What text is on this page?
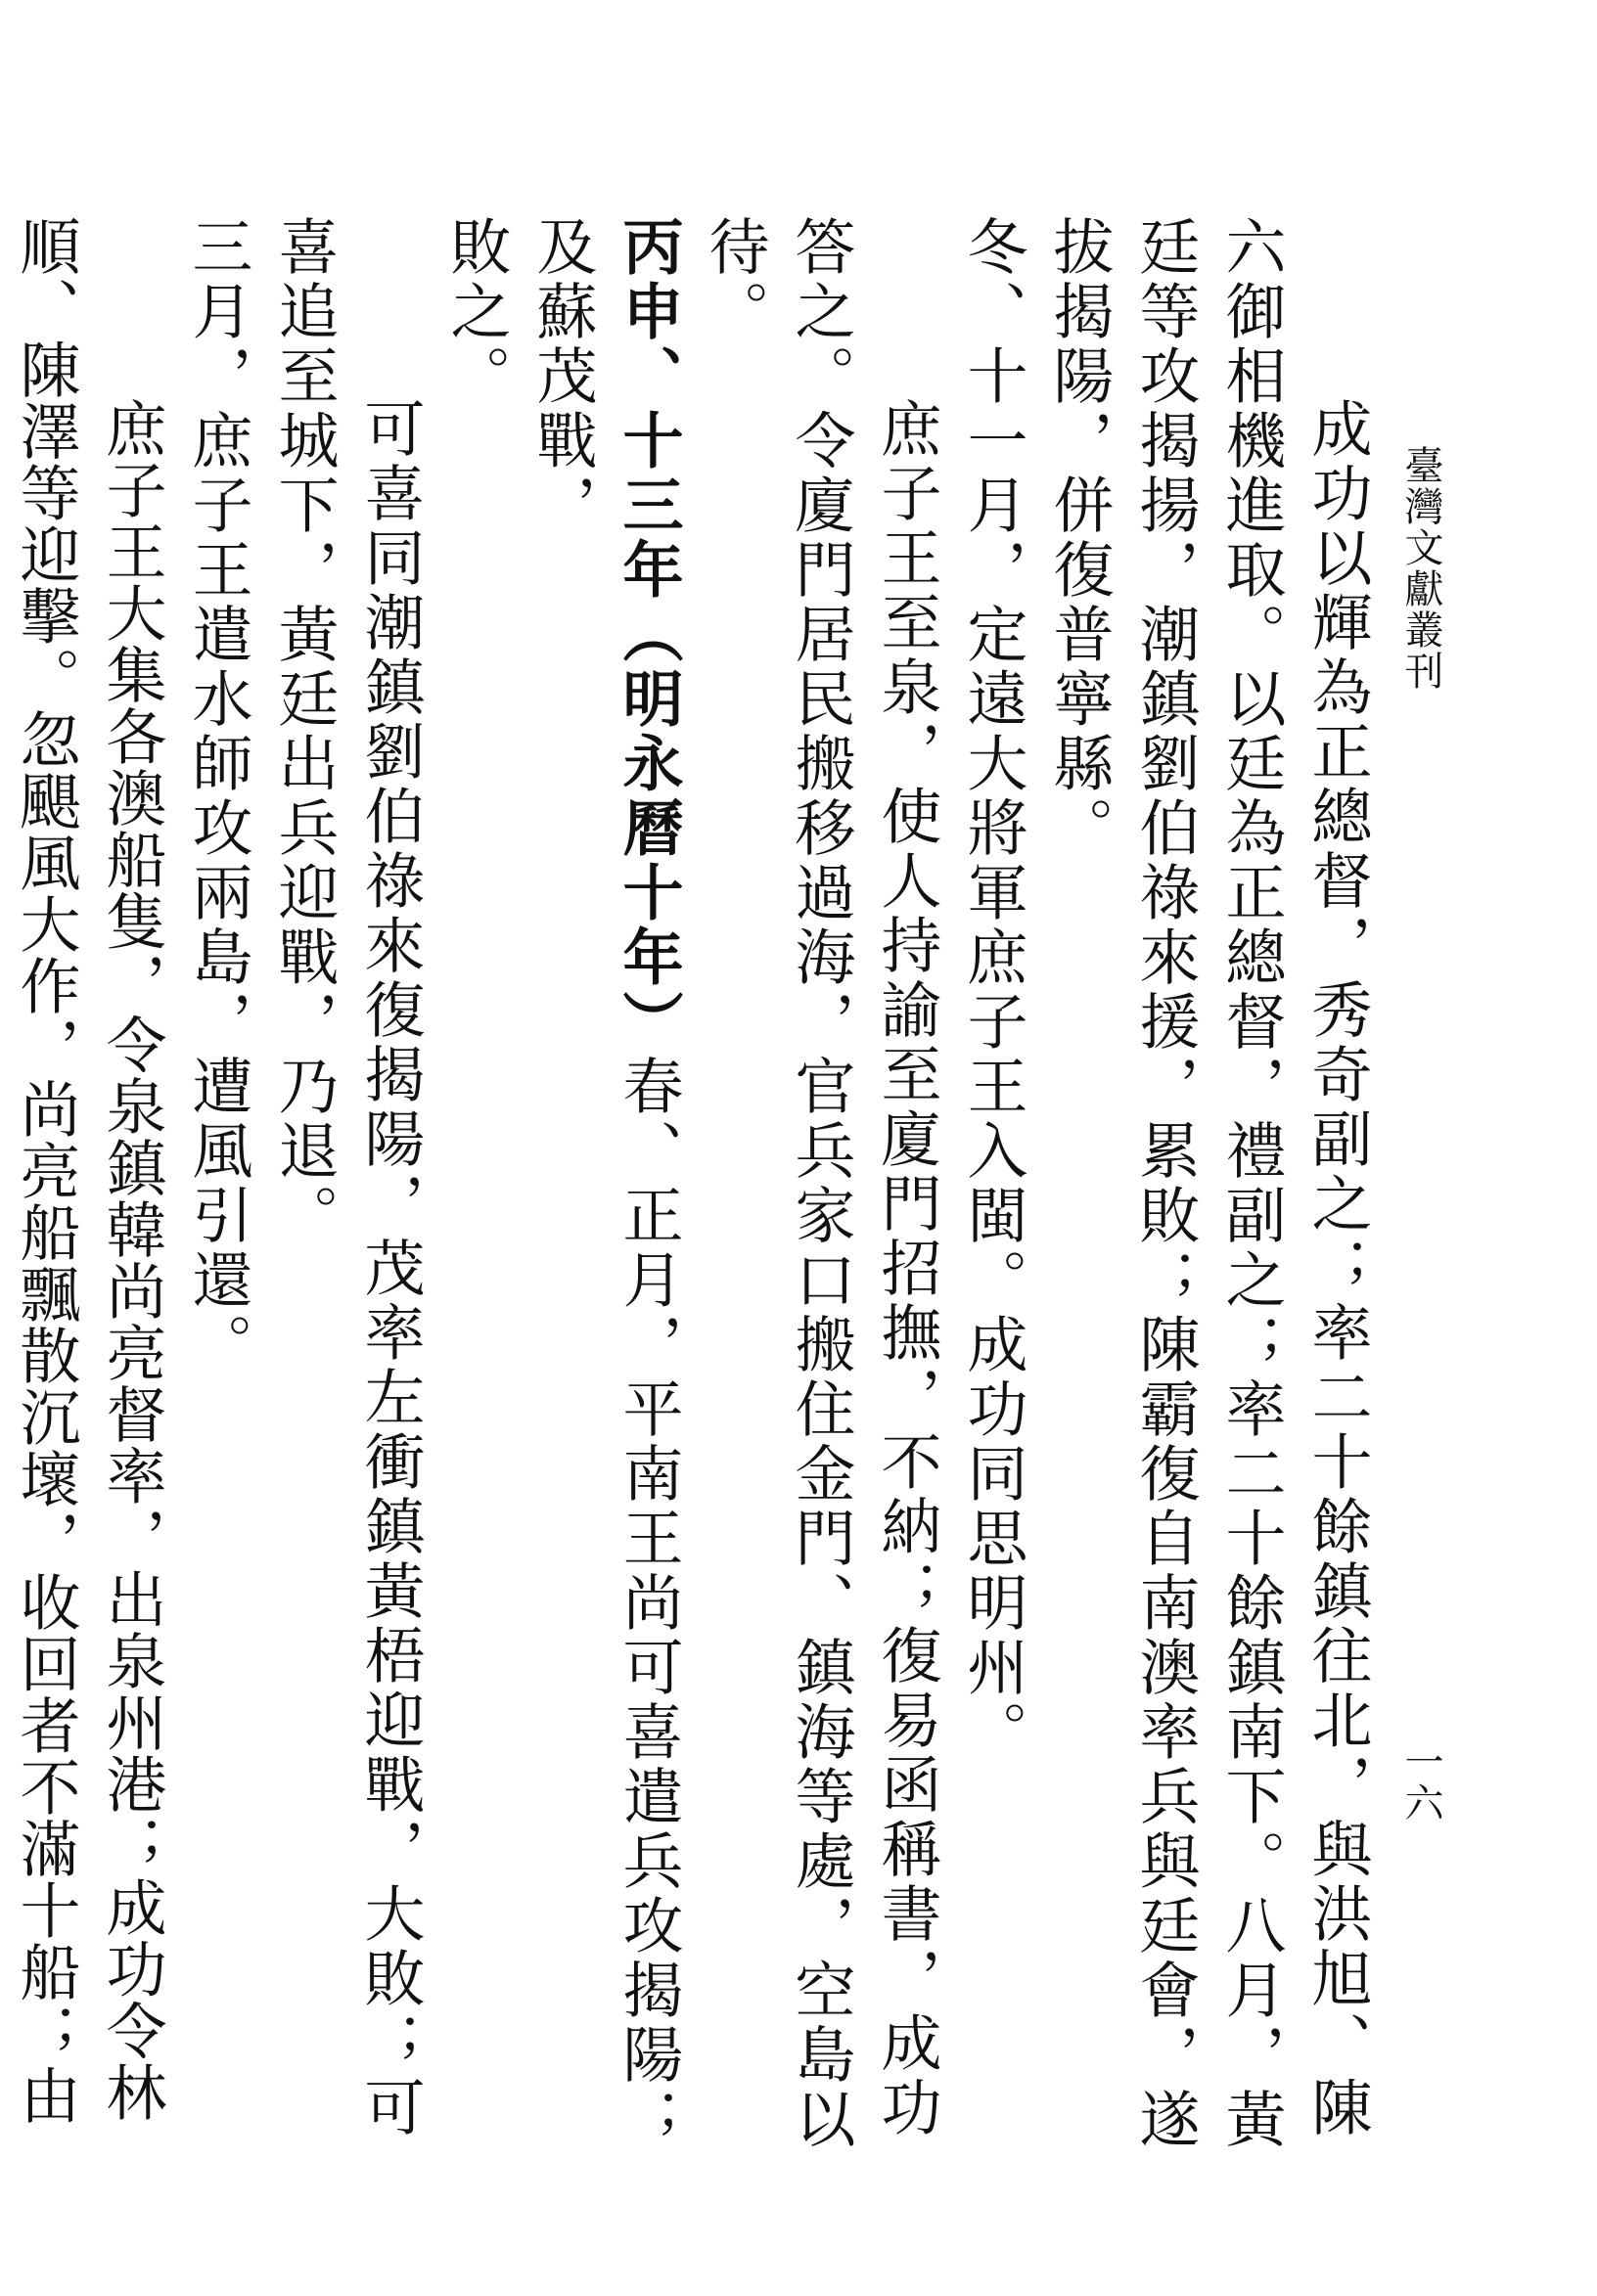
臺灣文獻叢刊
一六

成功以輝為正總督，秀奇副之；率二十餘鎮往北，與洪旭、陳六御相機進取。以廷為正總督，禮副之；率二十餘鎮南下。八月，黃廷等攻揭揚，潮鎮劉伯祿來援，累敗；陳霸復自南澳率兵與廷會，遂拔揭陽，併復普寧縣。

冬、十一月，定遠大將軍庶子王入閩。成功同思明州。

庶子王至泉，使人持諭至廈門招撫，不納；復易函稱書，成功答之。令廈門居民搬移過海，官兵家口搬住金門、鎮海等處，空島以待。

丙申、十三年（明永曆十年）春、正月，平南王尚可喜遣兵攻揭陽；及蘇茂戰，

敗之。

可喜同潮鎮劉伯祿來復揭陽，茂率左衝鎮黃梧迎戰，大敗；可喜追至城下，黃廷出兵迎戰，乃退。

三月，庶子王遣水師攻兩島，遭風引還。

庶子王大集各澳船隻，令泉鎮韓尚亮督率，出泉州港；成功令林順、陳澤等迎擊。忽颶風大作，尚亮船飄散沉壞，收回者不滿十船；由
